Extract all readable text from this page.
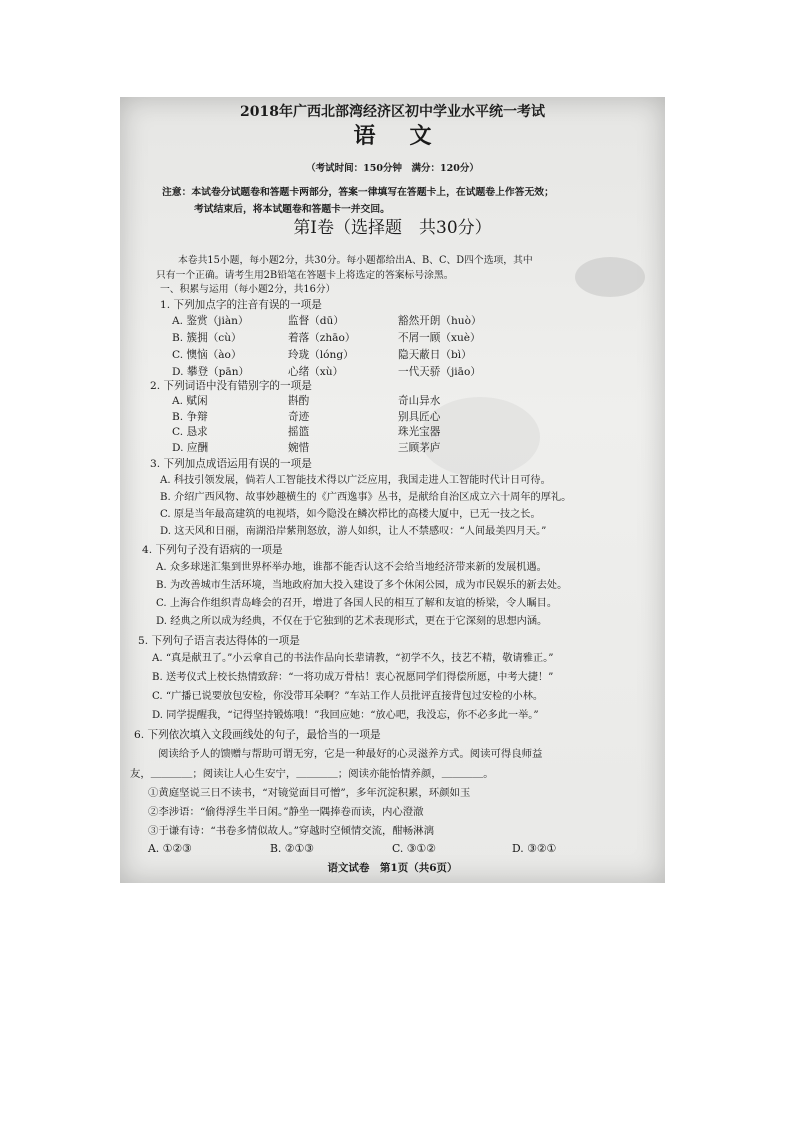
2018年广西北部湾经济区初中学业水平统一考试
语文
（考试时间：150分钟　满分：120分）
注意：本试卷分试题卷和答题卡两部分，答案一律填写在答题卡上，在试题卷上作答无效；
考试结束后，将本试题卷和答题卡一并交回。
第Ⅰ卷（选择题　共30分）
本卷共15小题，每小题2分，共30分。每小题都给出A、B、C、D四个选项，其中
只有一个正确。请考生用2B铅笔在答题卡上将选定的答案标号涂黑。
一、积累与运用（每小题2分，共16分）
1. 下列加点字的注音有误的一项是
A. 鉴赏（jiàn）	监督（dū）	豁然开朗（huò）
B. 簇拥（cù）	着落（zhāo）	不屑一顾（xuè）
C. 懊恼（ào）	玲珑（lóng）	隐天蔽日（bì）
D. 攀登（pān）	心绪（xù）	一代天骄（jiāo）
2. 下列词语中没有错别字的一项是
A. 赋闲	斟酌	奇山异水
B. 争辩	奇迹	别具匠心
C. 恳求	摇篮	珠光宝器
D. 应酬	婉惜	三顾茅庐
3. 下列加点成语运用有误的一项是
A. 科技引领发展，倘若人工智能技术得以广泛应用，我国走进人工智能时代计日可待。
B. 介绍广西风物、故事妙趣横生的《广西逸事》丛书，是献给自治区成立六十周年的厚礼。
C. 原是当年最高建筑的电视塔，如今隐没在鳞次栉比的高楼大厦中，已无一技之长。
D. 这天风和日丽，南湖沿岸紫荆怒放，游人如织，让人不禁感叹：“人间最美四月天。”
4. 下列句子没有语病的一项是
A. 众多球迷汇集到世界杯举办地，谁都不能否认这不会给当地经济带来新的发展机遇。
B. 为改善城市生活环境，当地政府加大投入建设了多个休闲公园，成为市民娱乐的新去处。
C. 上海合作组织青岛峰会的召开，增进了各国人民的相互了解和友谊的桥梁，令人瞩目。
D. 经典之所以成为经典，不仅在于它独到的艺术表现形式，更在于它深刻的思想内涵。
5. 下列句子语言表达得体的一项是
A. “真是献丑了。”小云拿自己的书法作品向长辈请教，“初学不久，技艺不精，敬请雅正。”
B. 送考仪式上校长热情致辞：“一将功成万骨枯！衷心祝愿同学们得偿所愿，中考大捷！”
C. “广播已说要放包安检，你没带耳朵啊？”车站工作人员批评直接背包过安检的小林。
D. 同学提醒我，“记得坚持锻炼哦！”我回应她：“放心吧，我没忘，你不必多此一举。”
6. 下列依次填入文段画线处的句子，最恰当的一项是
阅读给予人的馈赠与帮助可谓无穷，它是一种最好的心灵滋养方式。阅读可得良师益
友，＿＿＿＿；阅读让人心生安宁，＿＿＿＿；阅读亦能怡情养颜，＿＿＿＿。
①黄庭坚说三日不读书，“对镜觉面目可憎”，多年沉淀积累，环颜如玉
②李涉语：“偷得浮生半日闲。”静坐一隅捧卷而读，内心澄澈
③于谦有诗：“书卷多情似故人。”穿越时空倾情交流，酣畅淋漓
A. ①②③	B. ②①③	C. ③①②	D. ③②①
语文试卷　第1页（共6页）
